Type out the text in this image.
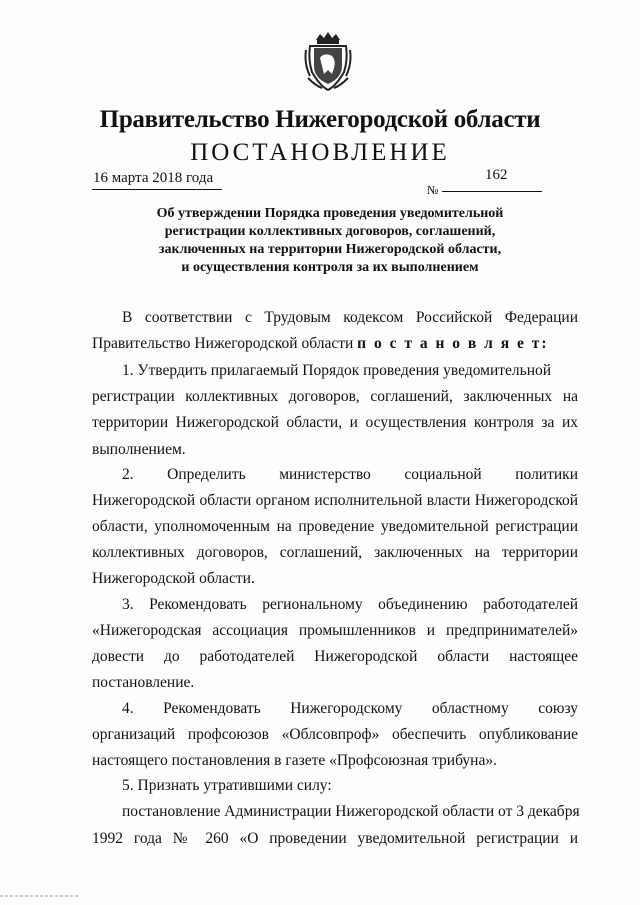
Правительство Нижегородской области
ПОСТАНОВЛЕНИЕ
16 марта 2018 года
№
162
Об утверждении Порядка проведения уведомительной
регистрации коллективных договоров, соглашений,
заключенных на территории Нижегородской области,
и осуществления контроля за их выполнением
В соответствии с Трудовым кодексом Российской Федерации
Правительство Нижегородской области п о с т а н о в л я е т:
1. Утвердить прилагаемый Порядок проведения уведомительной
регистрации коллективных договоров, соглашений, заключенных на
территории Нижегородской области, и осуществления контроля за их
выполнением.
2. Определить министерство социальной политики
Нижегородской области органом исполнительной власти Нижегородской
области, уполномоченным на проведение уведомительной регистрации
коллективных договоров, соглашений, заключенных на территории
Нижегородской области.
3. Рекомендовать региональному объединению работодателей
«Нижегородская ассоциация промышленников и предпринимателей»
довести до работодателей Нижегородской области настоящее
постановление.
4. Рекомендовать Нижегородскому областному союзу
организаций профсоюзов «Облсовпроф» обеспечить опубликование
настоящего постановления в газете «Профсоюзная трибуна».
5. Признать утратившими силу:
постановление Администрации Нижегородской области от 3 декабря
1992 года № 260 «О проведении уведомительной регистрации и
